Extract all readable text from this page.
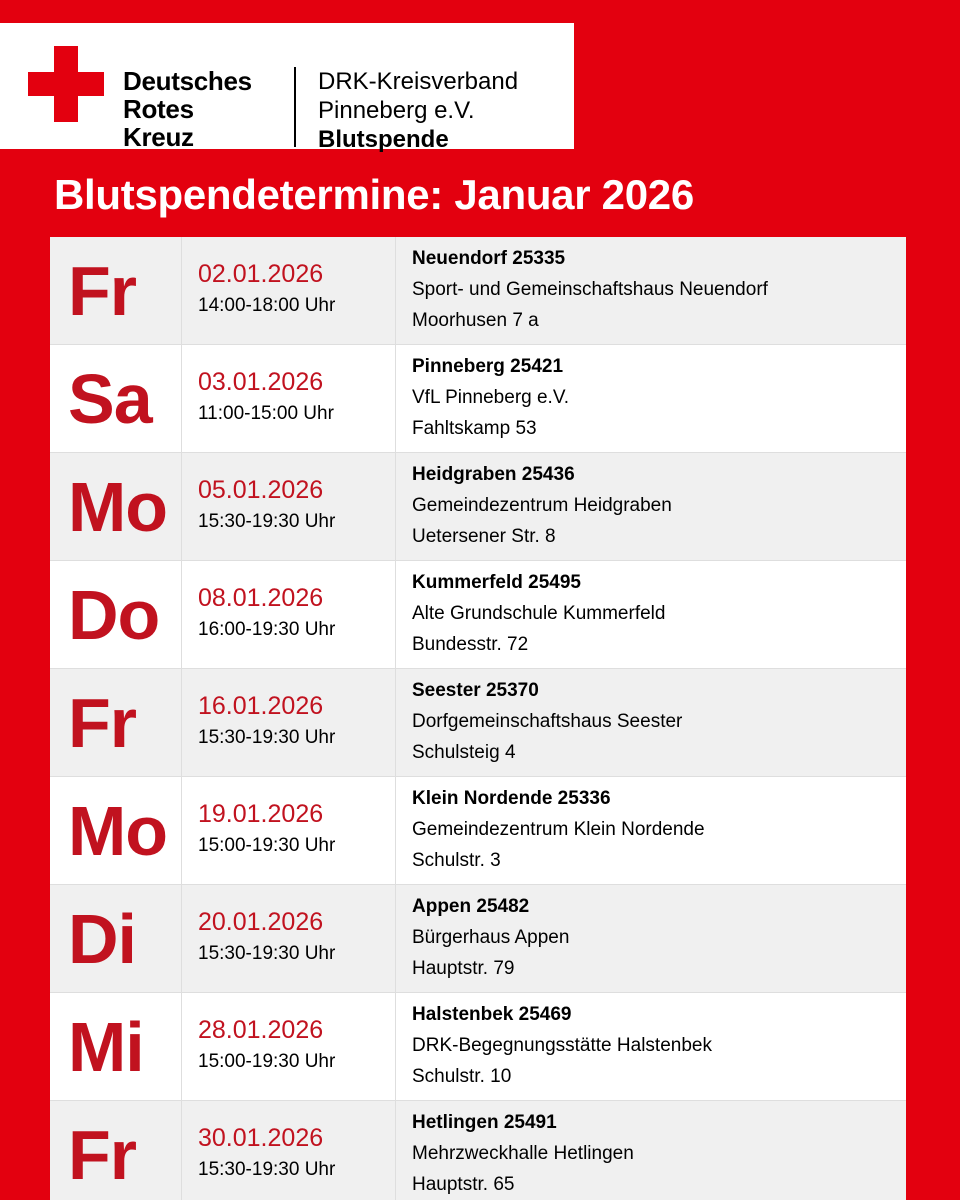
Deutsches
Rotes
Kreuz
DRK-Kreisverband
Pinneberg e.V.
Blutspende
Blutspendetermine: Januar 2026
Fr 02.01.2026
14:00-18:00 Uhr
Neuendorf 25335
Sport- und Gemeinschaftshaus Neuendorf
Moorhusen 7 a
Sa 03.01.2026
11:00-15:00 Uhr
Pinneberg 25421
VfL Pinneberg e.V.
Fahltskamp 53
Mo 05.01.2026
15:30-19:30 Uhr
Heidgraben 25436
Gemeindezentrum Heidgraben
Uetersener Str. 8
Do 08.01.2026
16:00-19:30 Uhr
Kummerfeld 25495
Alte Grundschule Kummerfeld
Bundesstr. 72
Fr 16.01.2026
15:30-19:30 Uhr
Seester 25370
Dorfgemeinschaftshaus Seester
Schulsteig 4
Mo 19.01.2026
15:00-19:30 Uhr
Klein Nordende 25336
Gemeindezentrum Klein Nordende
Schulstr. 3
Di 20.01.2026
15:30-19:30 Uhr
Appen 25482
Bürgerhaus Appen
Hauptstr. 79
Mi 28.01.2026
15:00-19:30 Uhr
Halstenbek 25469
DRK-Begegnungsstätte Halstenbek
Schulstr. 10
Fr 30.01.2026
15:30-19:30 Uhr
Hetlingen 25491
Mehrzweckhalle Hetlingen
Hauptstr. 65
